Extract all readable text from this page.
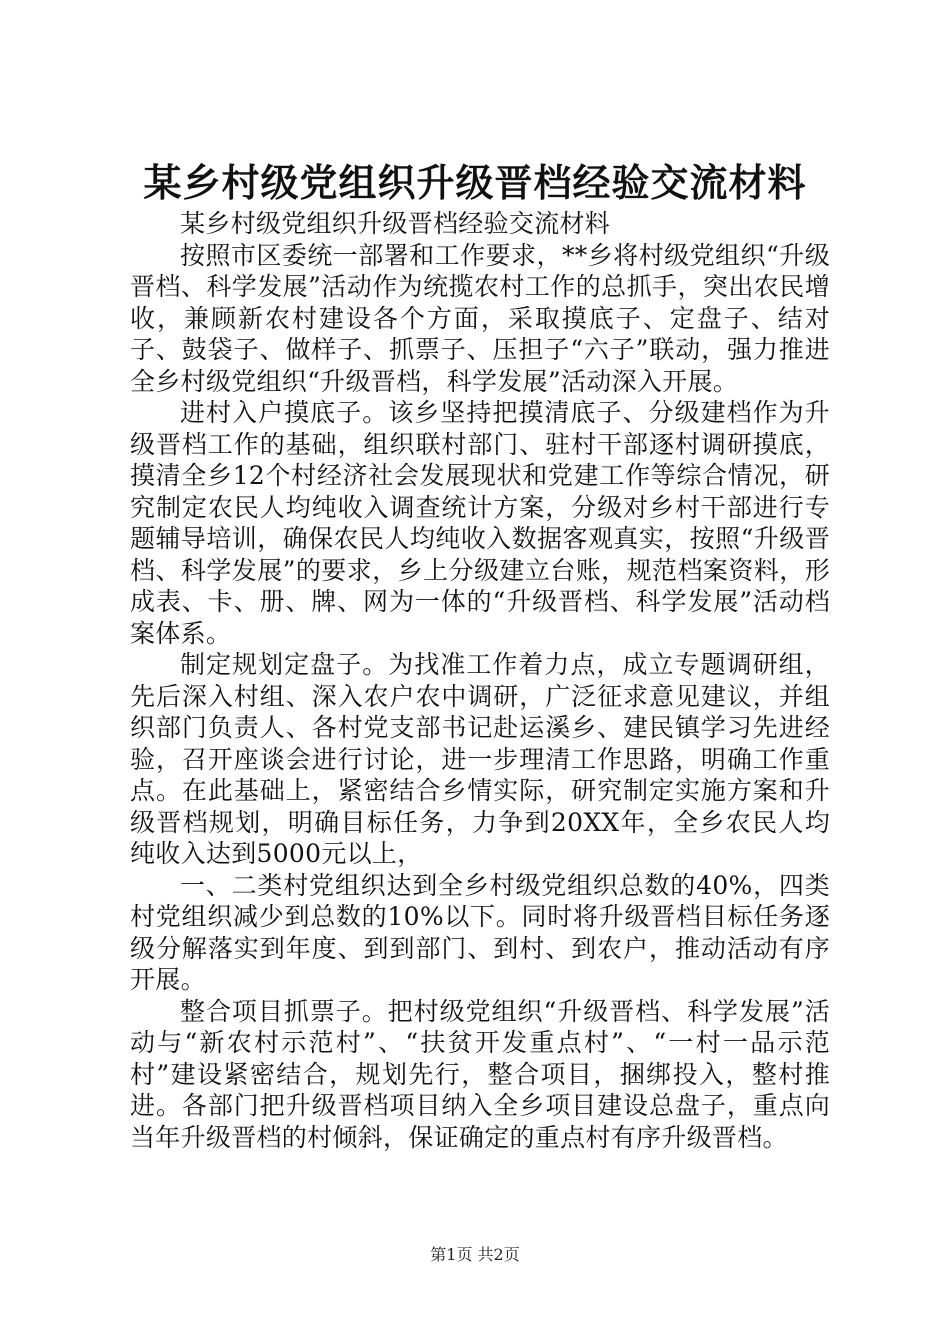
某乡村级党组织升级晋档经验交流材料

某乡村级党组织升级晋档经验交流材料

按照市区委统一部署和工作要求，**乡将村级党组织“升级晋档、科学发展”活动作为统揽农村工作的总抓手，突出农民增收，兼顾新农村建设各个方面，采取摸底子、定盘子、结对子、鼓袋子、做样子、抓票子、压担子“六子”联动，强力推进全乡村级党组织“升级晋档，科学发展”活动深入开展。

进村入户摸底子。该乡坚持把摸清底子、分级建档作为升级晋档工作的基础，组织联村部门、驻村干部逐村调研摸底，摸清全乡12个村经济社会发展现状和党建工作等综合情况，研究制定农民人均纯收入调查统计方案，分级对乡村干部进行专题辅导培训，确保农民人均纯收入数据客观真实，按照“升级晋档、科学发展”的要求，乡上分级建立台账，规范档案资料，形成表、卡、册、牌、网为一体的“升级晋档、科学发展”活动档案体系。

制定规划定盘子。为找准工作着力点，成立专题调研组，先后深入村组、深入农户农中调研，广泛征求意见建议，并组织部门负责人、各村党支部书记赴运溪乡、建民镇学习先进经验，召开座谈会进行讨论，进一步理清工作思路，明确工作重点。在此基础上，紧密结合乡情实际，研究制定实施方案和升级晋档规划，明确目标任务，力争到20XX年，全乡农民人均纯收入达到5000元以上，

一、二类村党组织达到全乡村级党组织总数的40%，四类村党组织减少到总数的10%以下。同时将升级晋档目标任务逐级分解落实到年度、到到部门、到村、到农户，推动活动有序开展。

整合项目抓票子。把村级党组织“升级晋档、科学发展”活动与“新农村示范村”、“扶贫开发重点村”、“一村一品示范村”建设紧密结合，规划先行，整合项目，捆绑投入，整村推进。各部门把升级晋档项目纳入全乡项目建设总盘子，重点向当年升级晋档的村倾斜，保证确定的重点村有序升级晋档。

第1页 共2页
